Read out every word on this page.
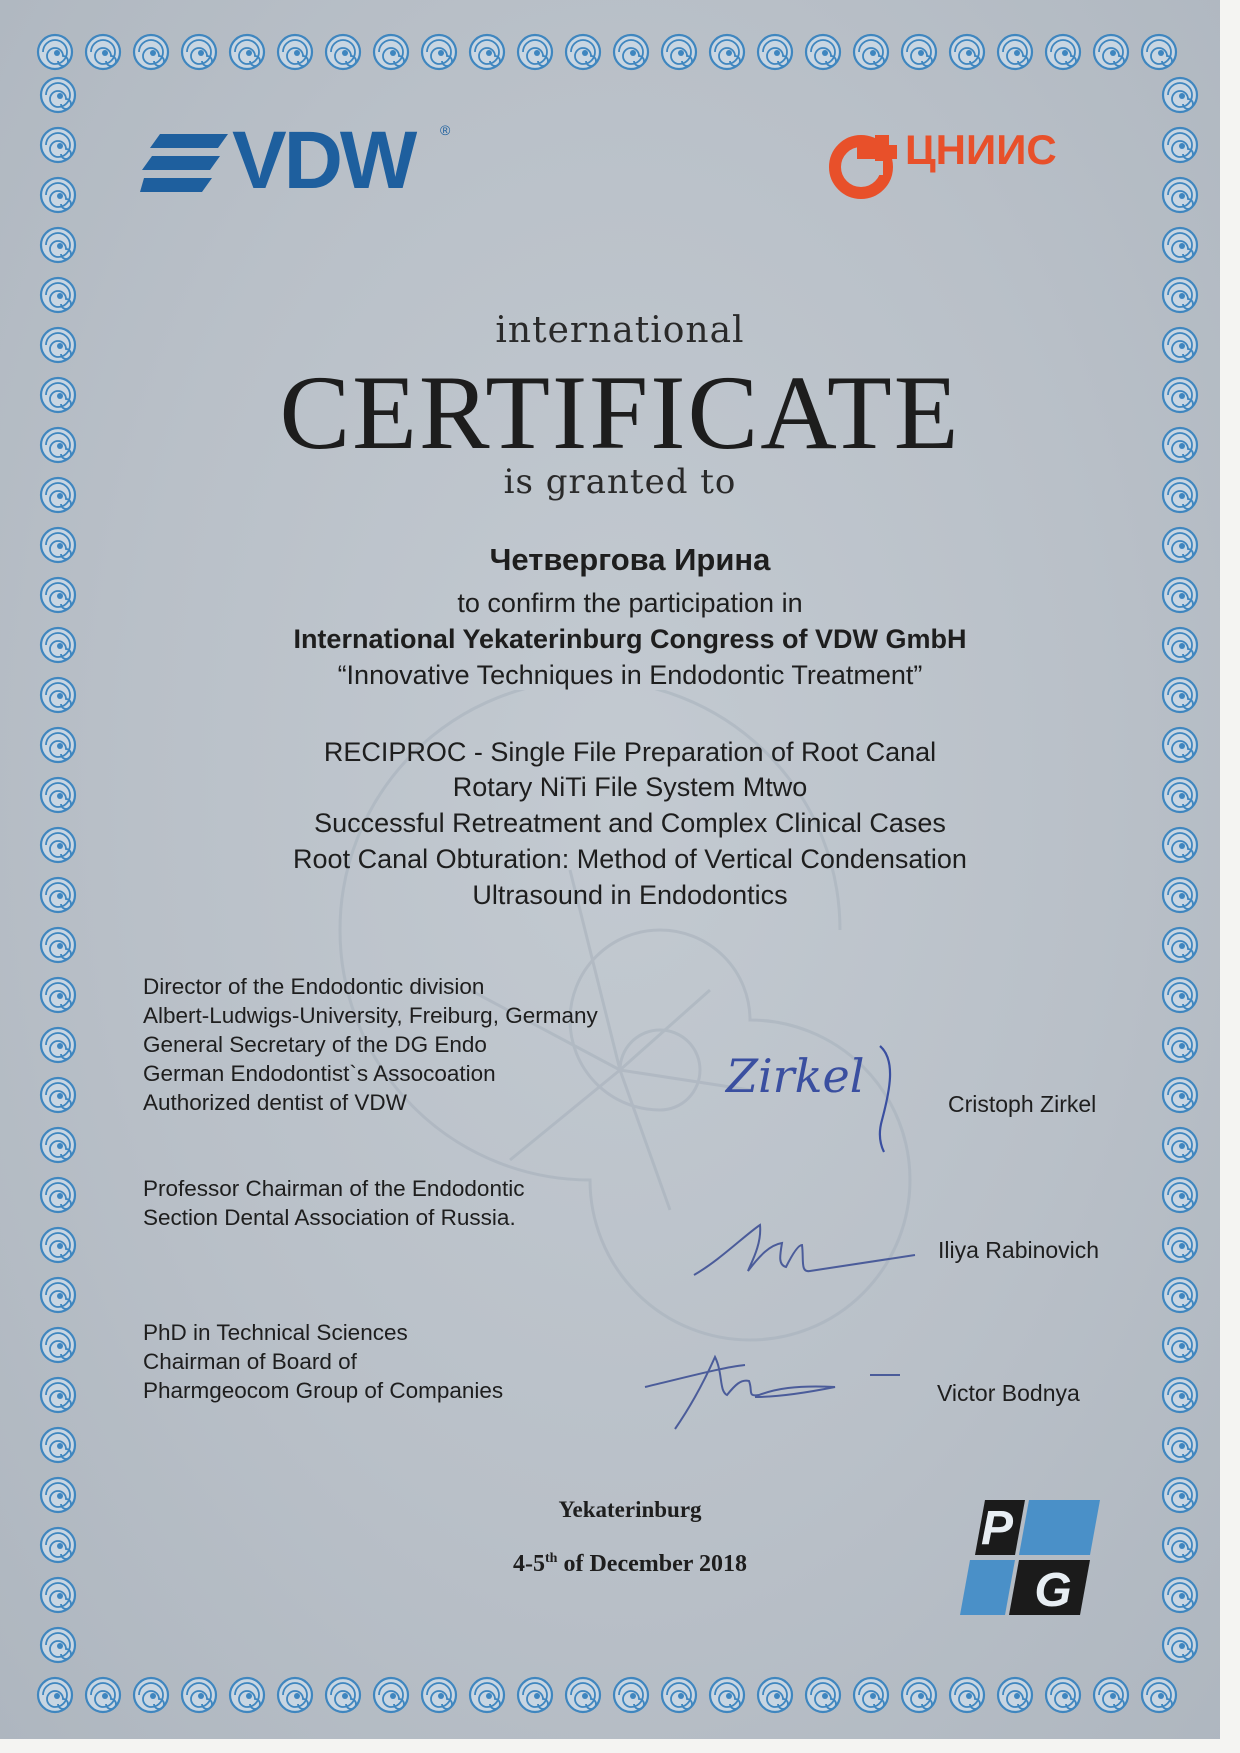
VDW ®	ЦНИИС
international
CERTIFICATE
is granted to
Четвергова Ирина
to confirm the participation in
International Yekaterinburg Congress of VDW GmbH
“Innovative Techniques in Endodontic Treatment”
RECIPROC - Single File Preparation of Root Canal
Rotary NiTi File System Mtwo
Successful Retreatment and Complex Clinical Cases
Root Canal Obturation: Method of Vertical Condensation
Ultrasound in Endodontics
Director of the Endodontic division
Albert-Ludwigs-University, Freiburg, Germany
General Secretary of the DG Endo
German Endodontist`s Assocoation
Authorized dentist of VDW	Zirkel
Cristoph Zirkel
Professor Chairman of the Endodontic
Section Dental Association of Russia.
Iliya Rabinovich
PhD in Technical Sciences
Chairman of Board of
Pharmgeocom Group of Companies	Victor Bodnya
Yekaterinburg
4-5th of December 2018
P
G
